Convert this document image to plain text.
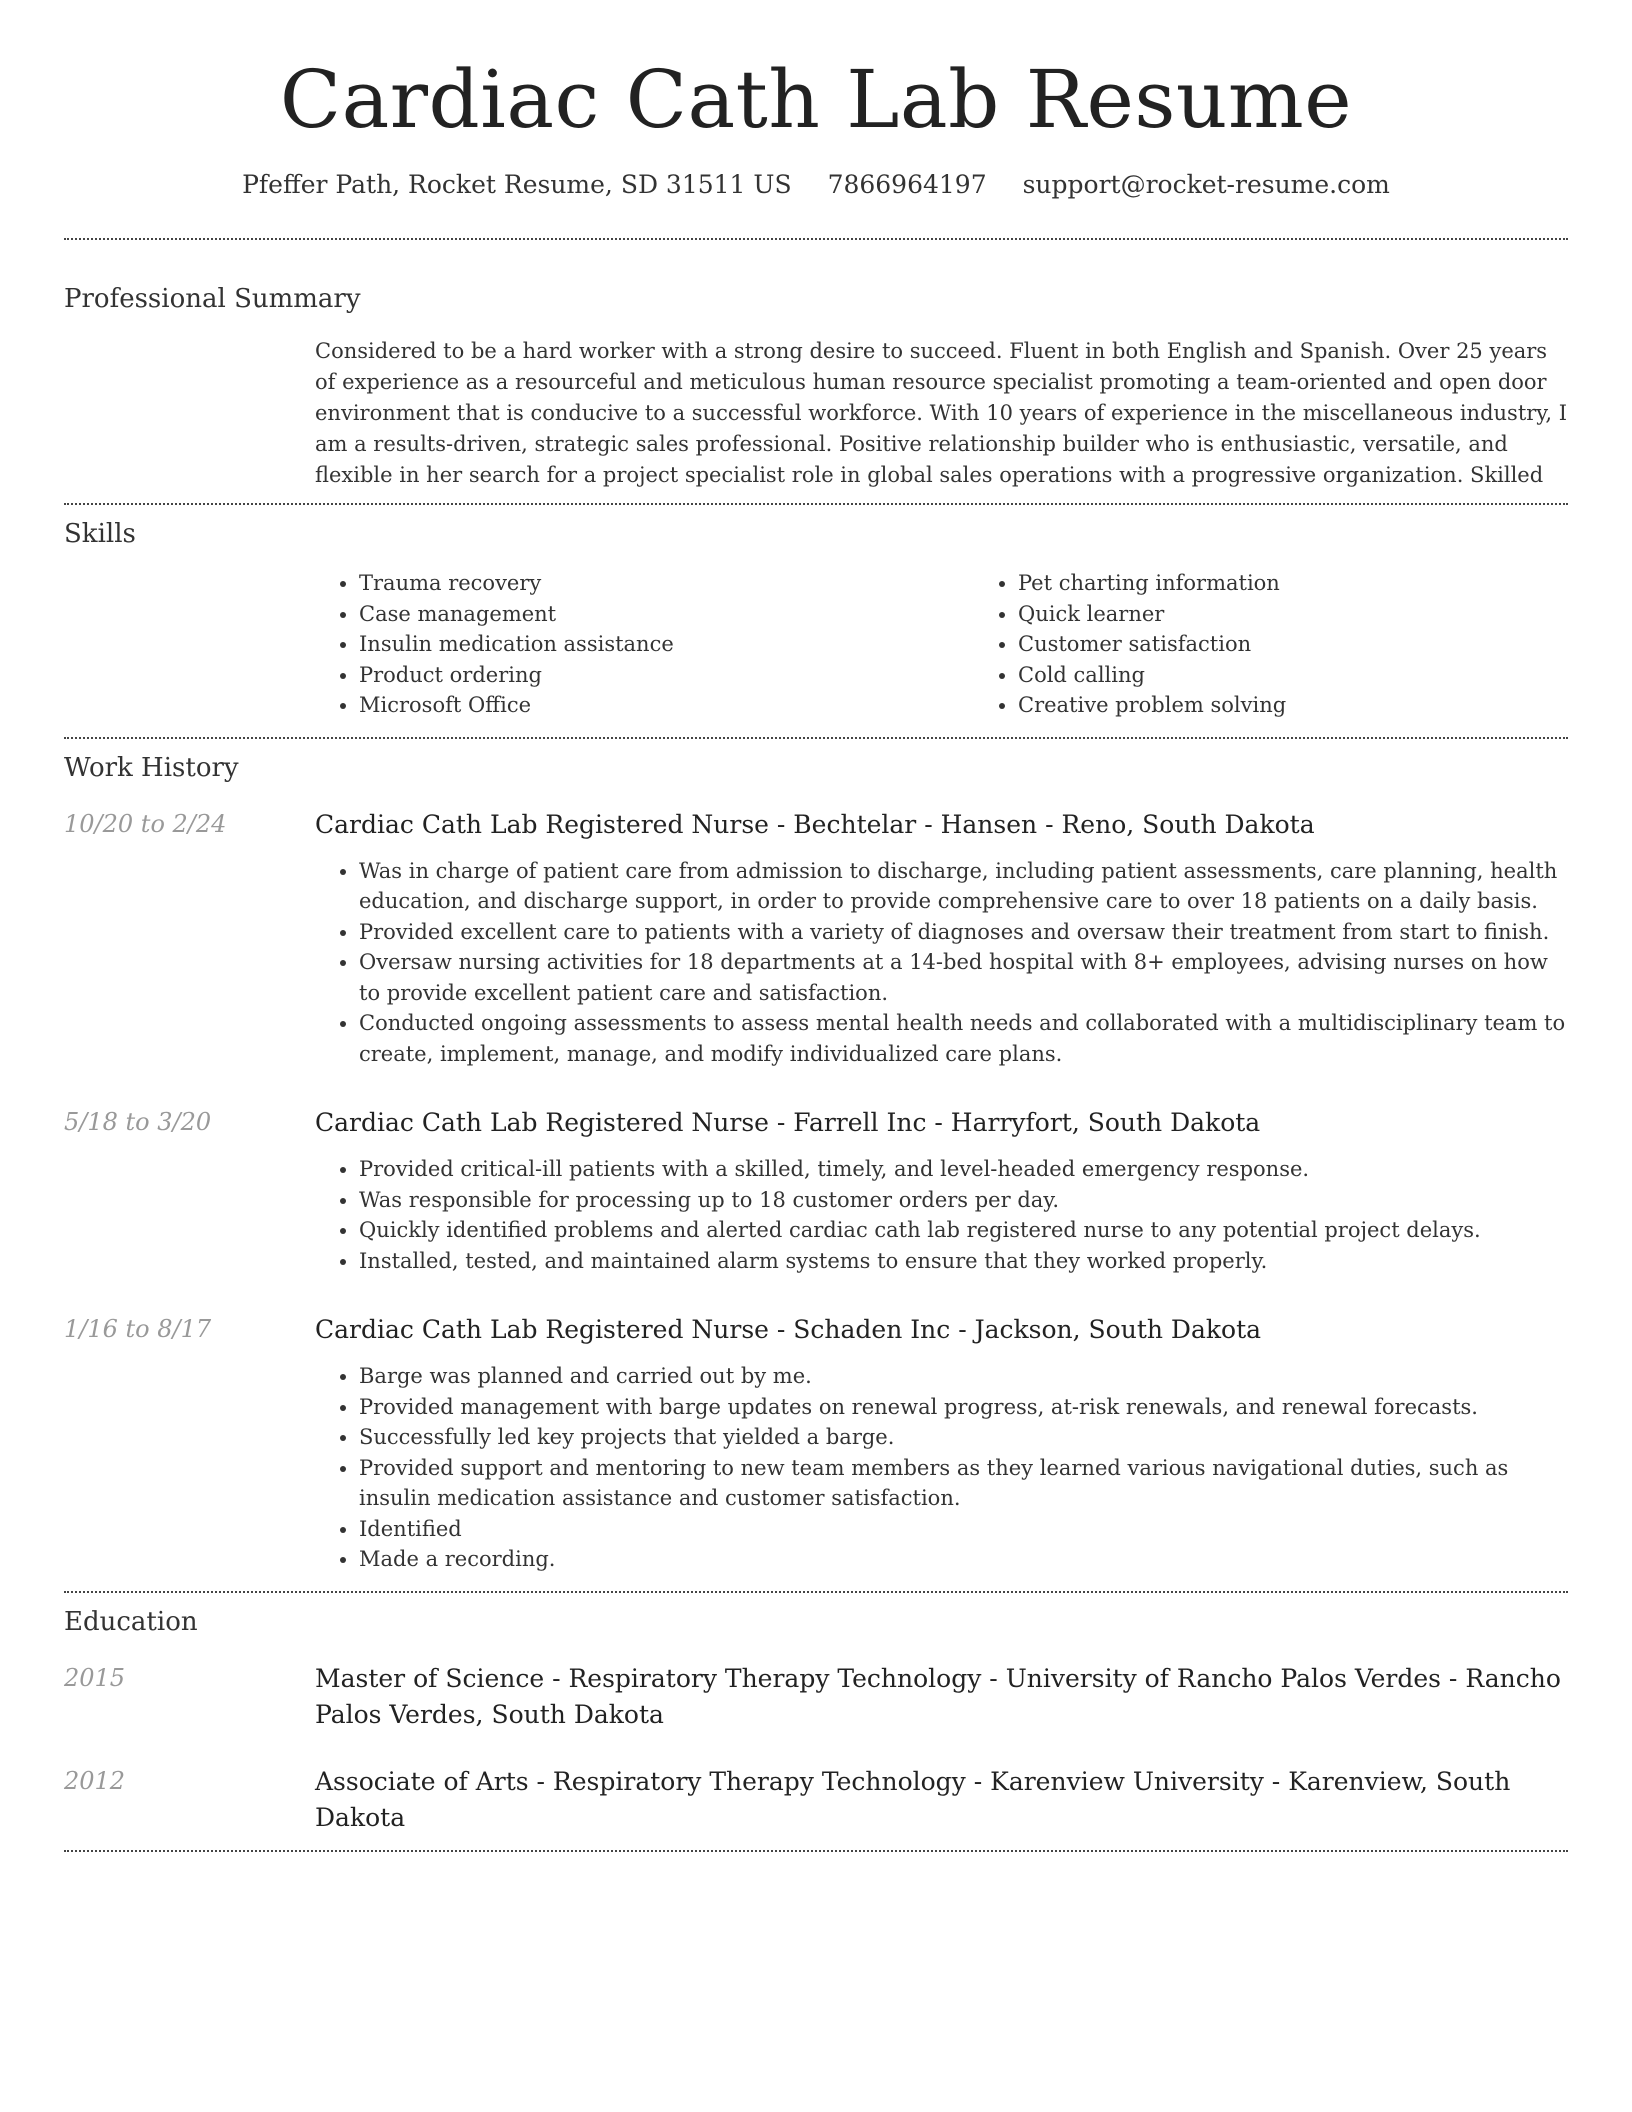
Cardiac Cath Lab Resume
Pfeffer Path, Rocket Resume, SD 31511 US 7866964197 support@rocket-resume.com
Professional Summary
Considered to be a hard worker with a strong desire to succeed. Fluent in both English and Spanish. Over 25 years of experience as a resourceful and meticulous human resource specialist promoting a team-oriented and open door environment that is conducive to a successful workforce. With 10 years of experience in the miscellaneous industry, I am a results-driven, strategic sales professional. Positive relationship builder who is enthusiastic, versatile, and flexible in her search for a project specialist role in global sales operations with a progressive organization. Skilled
Skills
• Trauma recovery
• Case management
• Insulin medication assistance
• Product ordering
• Microsoft Office
• Pet charting information
• Quick learner
• Customer satisfaction
• Cold calling
• Creative problem solving
Work History
10/20 to 2/24	Cardiac Cath Lab Registered Nurse - Bechtelar - Hansen - Reno, South Dakota
• Was in charge of patient care from admission to discharge, including patient assessments, care planning, health education, and discharge support, in order to provide comprehensive care to over 18 patients on a daily basis.
• Provided excellent care to patients with a variety of diagnoses and oversaw their treatment from start to finish.
• Oversaw nursing activities for 18 departments at a 14-bed hospital with 8+ employees, advising nurses on how to provide excellent patient care and satisfaction.
• Conducted ongoing assessments to assess mental health needs and collaborated with a multidisciplinary team to create, implement, manage, and modify individualized care plans.
5/18 to 3/20	Cardiac Cath Lab Registered Nurse - Farrell Inc - Harryfort, South Dakota
• Provided critical-ill patients with a skilled, timely, and level-headed emergency response.
• Was responsible for processing up to 18 customer orders per day.
• Quickly identified problems and alerted cardiac cath lab registered nurse to any potential project delays.
• Installed, tested, and maintained alarm systems to ensure that they worked properly.
1/16 to 8/17	Cardiac Cath Lab Registered Nurse - Schaden Inc - Jackson, South Dakota
• Barge was planned and carried out by me.
• Provided management with barge updates on renewal progress, at-risk renewals, and renewal forecasts.
• Successfully led key projects that yielded a barge.
• Provided support and mentoring to new team members as they learned various navigational duties, such as insulin medication assistance and customer satisfaction.
• Identified
• Made a recording.
Education
2015	Master of Science - Respiratory Therapy Technology - University of Rancho Palos Verdes - Rancho Palos Verdes, South Dakota
2012	Associate of Arts - Respiratory Therapy Technology - Karenview University - Karenview, South Dakota
